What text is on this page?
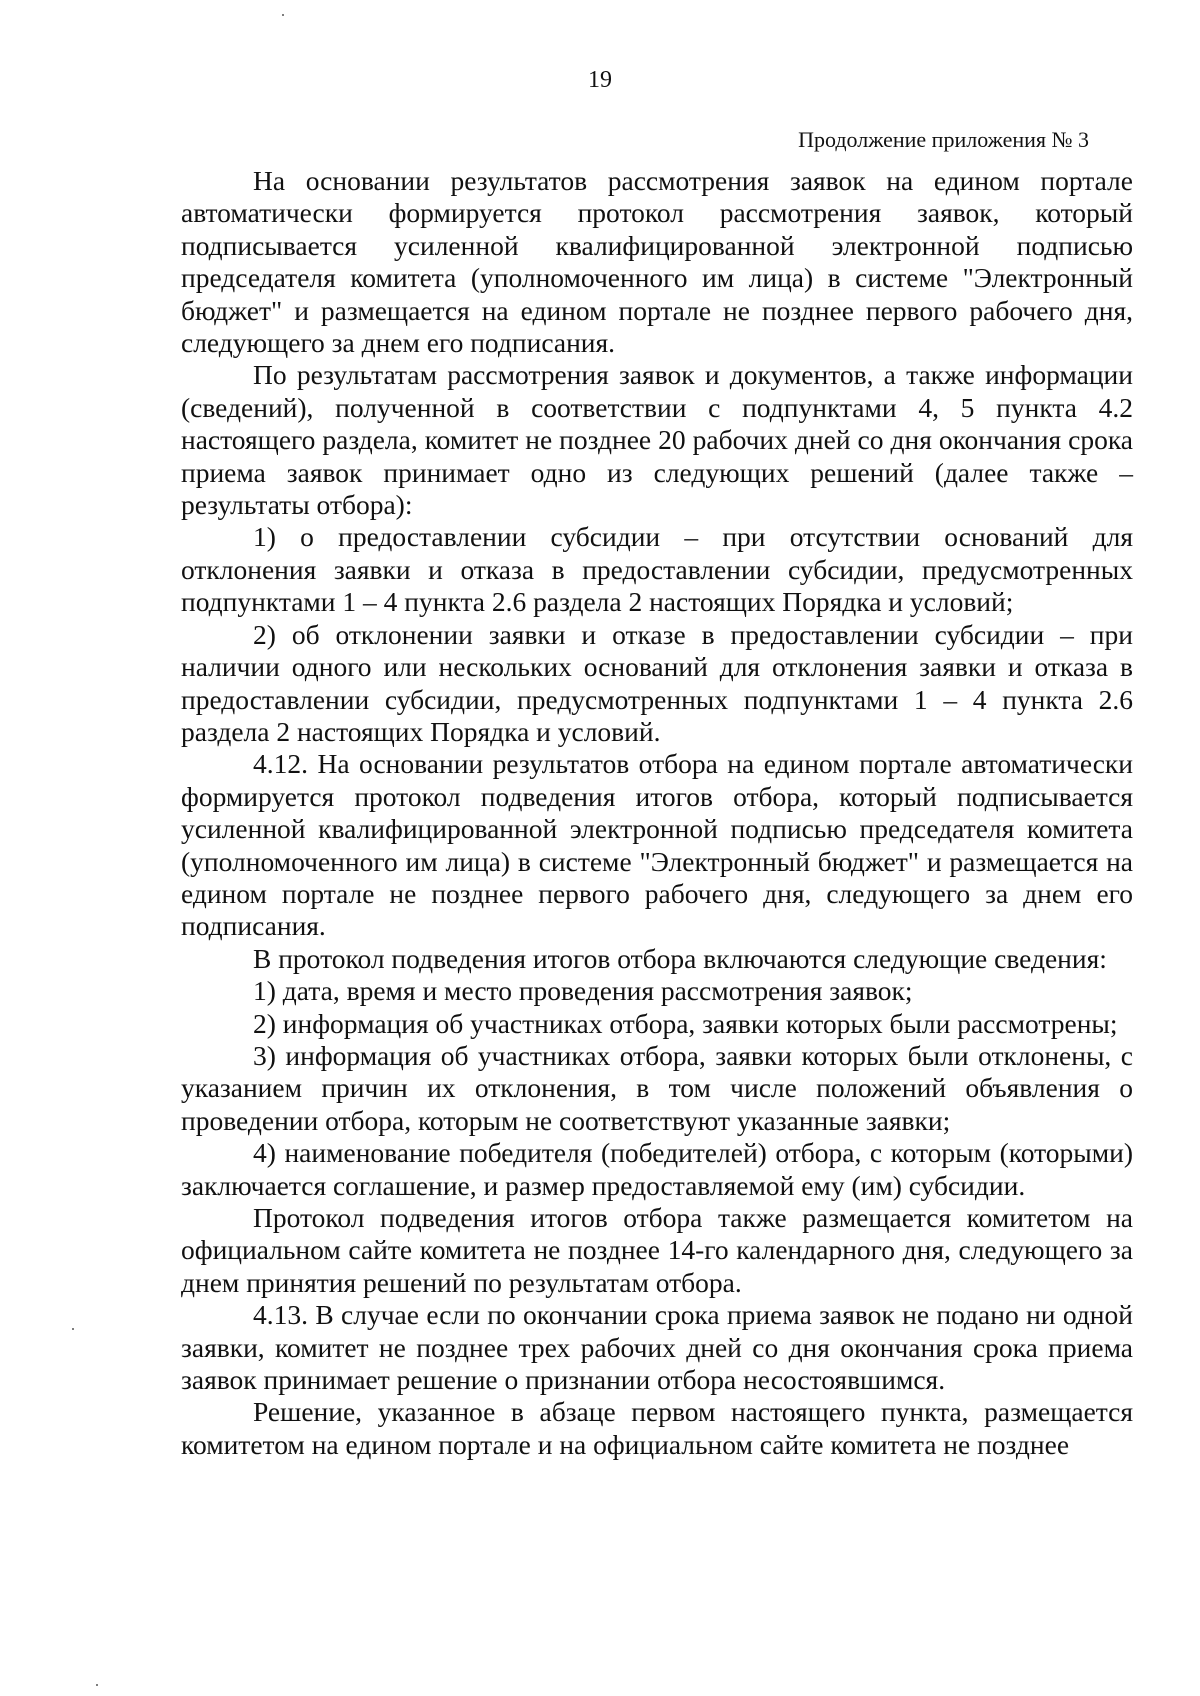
19
Продолжение приложения № 3

На основании результатов рассмотрения заявок на едином портале автоматически формируется протокол рассмотрения заявок, который подписывается усиленной квалифицированной электронной подписью председателя комитета (уполномоченного им лица) в системе "Электронный бюджет" и размещается на едином портале не позднее первого рабочего дня, следующего за днем его подписания.

По результатам рассмотрения заявок и документов, а также информации (сведений), полученной в соответствии с подпунктами 4, 5 пункта 4.2 настоящего раздела, комитет не позднее 20 рабочих дней со дня окончания срока приема заявок принимает одно из следующих решений (далее также – результаты отбора):

1) о предоставлении субсидии – при отсутствии оснований для отклонения заявки и отказа в предоставлении субсидии, предусмотренных подпунктами 1 – 4 пункта 2.6 раздела 2 настоящих Порядка и условий;

2) об отклонении заявки и отказе в предоставлении субсидии – при наличии одного или нескольких оснований для отклонения заявки и отказа в предоставлении субсидии, предусмотренных подпунктами 1 – 4 пункта 2.6 раздела 2 настоящих Порядка и условий.

4.12. На основании результатов отбора на едином портале автоматически формируется протокол подведения итогов отбора, который подписывается усиленной квалифицированной электронной подписью председателя комитета (уполномоченного им лица) в системе "Электронный бюджет" и размещается на едином портале не позднее первого рабочего дня, следующего за днем его подписания.

В протокол подведения итогов отбора включаются следующие сведения:

1) дата, время и место проведения рассмотрения заявок;

2) информация об участниках отбора, заявки которых были рассмотрены;

3) информация об участниках отбора, заявки которых были отклонены, с указанием причин их отклонения, в том числе положений объявления о проведении отбора, которым не соответствуют указанные заявки;

4) наименование победителя (победителей) отбора, с которым (которыми) заключается соглашение, и размер предоставляемой ему (им) субсидии.

Протокол подведения итогов отбора также размещается комитетом на официальном сайте комитета не позднее 14-го календарного дня, следующего за днем принятия решений по результатам отбора.

4.13. В случае если по окончании срока приема заявок не подано ни одной заявки, комитет не позднее трех рабочих дней со дня окончания срока приема заявок принимает решение о признании отбора несостоявшимся.

Решение, указанное в абзаце первом настоящего пункта, размещается комитетом на едином портале и на официальном сайте комитета не позднее
